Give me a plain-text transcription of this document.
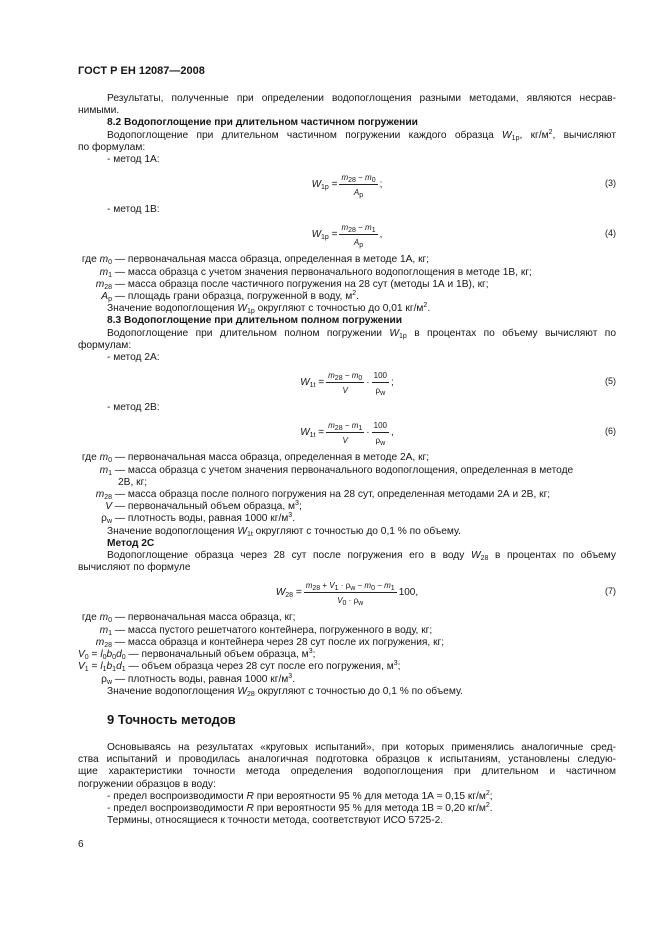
ГОСТ Р ЕН 12087—2008
Результаты, полученные при определении водопоглощения разными методами, являются несрав-
нимыми.
8.2 Водопоглощение при длительном частичном погружении
Водопоглощение при длительном частичном погружении каждого образца $W_{1p}$, $кг/м^2$, вычисляют
по формулам:
- метод 1А:
$W_{1p} = \frac{m28 - m0}{Ap}$ ;	(3)
- метод 1В:
$W_{1p} = \frac{m28 - m1}{Ap}$ ,	(4)
где $m_0$ — первоначальная масса образца, определенная в методе 1А, кг;
$m_1$ — масса образца с учетом значения первоначального водопоглощения в методе 1В, кг;
$m_{28}$ — масса образца после частичного погружения на 28 сут (методы 1А и 1В), кг;
$A_p$ — площадь грани образца, погруженной в воду, $м^2$.
Значение водопоглощения $W_{1p}$ округляют с точностью до 0,01 $кг/м^2$.
8.3 Водопоглощение при длительном полном погружении
Водопоглощение при длительном полном погружении $W_{1p}$ в процентах по объему вычисляют по
формулам:
- метод 2А:
$W_{1t} = \frac{m28 - m0}{V} \cdot \frac{100}{\rho w}$ ;	(5)
- метод 2В:
$W_{1t} = \frac{m28 - m1}{V} \cdot \frac{100}{\rho w}$ ,	(6)
где $m_0$ — первоначальная масса образца, определенная в методе 2А, кг;
$m_1$ — масса образца с учетом значения первоначального водопоглощения, определенная в методе
2В, кг;
$m_{28}$ — масса образца после полного погружения на 28 сут, определенная методами 2А и 2В, кг;
V — первоначальный объем образца, $м^3$;
$\rho_w$ — плотность воды, равная 1000 $кг/м^3$.
Значение водопоглощения $W_{1t}$ округляют с точностью до 0,1 % по объему.
Метод 2С
Водопоглощение образца через 28 сут после погружения его в воду $W_{28}$ в процентах по объему
вычисляют по формуле
$W_{28} = \frac{m28 + V1 \cdot \rho w - m0 - m1}{V0 \cdot \rho w} 100$,	(7)
где $m_0$ — первоначальная масса образца, кг;
$m_1$ — масса пустого решетчатого контейнера, погруженного в воду, кг;
$m_{28}$ — масса образца и контейнера через 28 сут после их погружения, кг;
$V_0 = l_0b_0d_0$ — первоначальный объем образца, $м^3$;
$V_1 = l_1b_1d_1$ — объем образца через 28 сут после его погружения, $м^3$;
$\rho_w$ — плотность воды, равная 1000 $кг/м^3$.
Значение водопоглощения $W_{28}$ округляют с точностью до 0,1 % по объему.
9 Точность методов
Основываясь на результатах «круговых испытаний», при которых применялись аналогичные сред-
ства испытаний и проводилась аналогичная подготовка образцов к испытаниям, установлены следую-
щие характеристики точности метода определения водопоглощения при длительном и частичном
погружении образцов в воду:
- предел воспроизводимости R при вероятности 95 % для метода 1А ≈ 0,15 $кг/м^2$;
- предел воспроизводимости R при вероятности 95 % для метода 1В ≈ 0,20 $кг/м^2$.
Термины, относящиеся к точности метода, соответствуют ИСО 5725-2.
6
